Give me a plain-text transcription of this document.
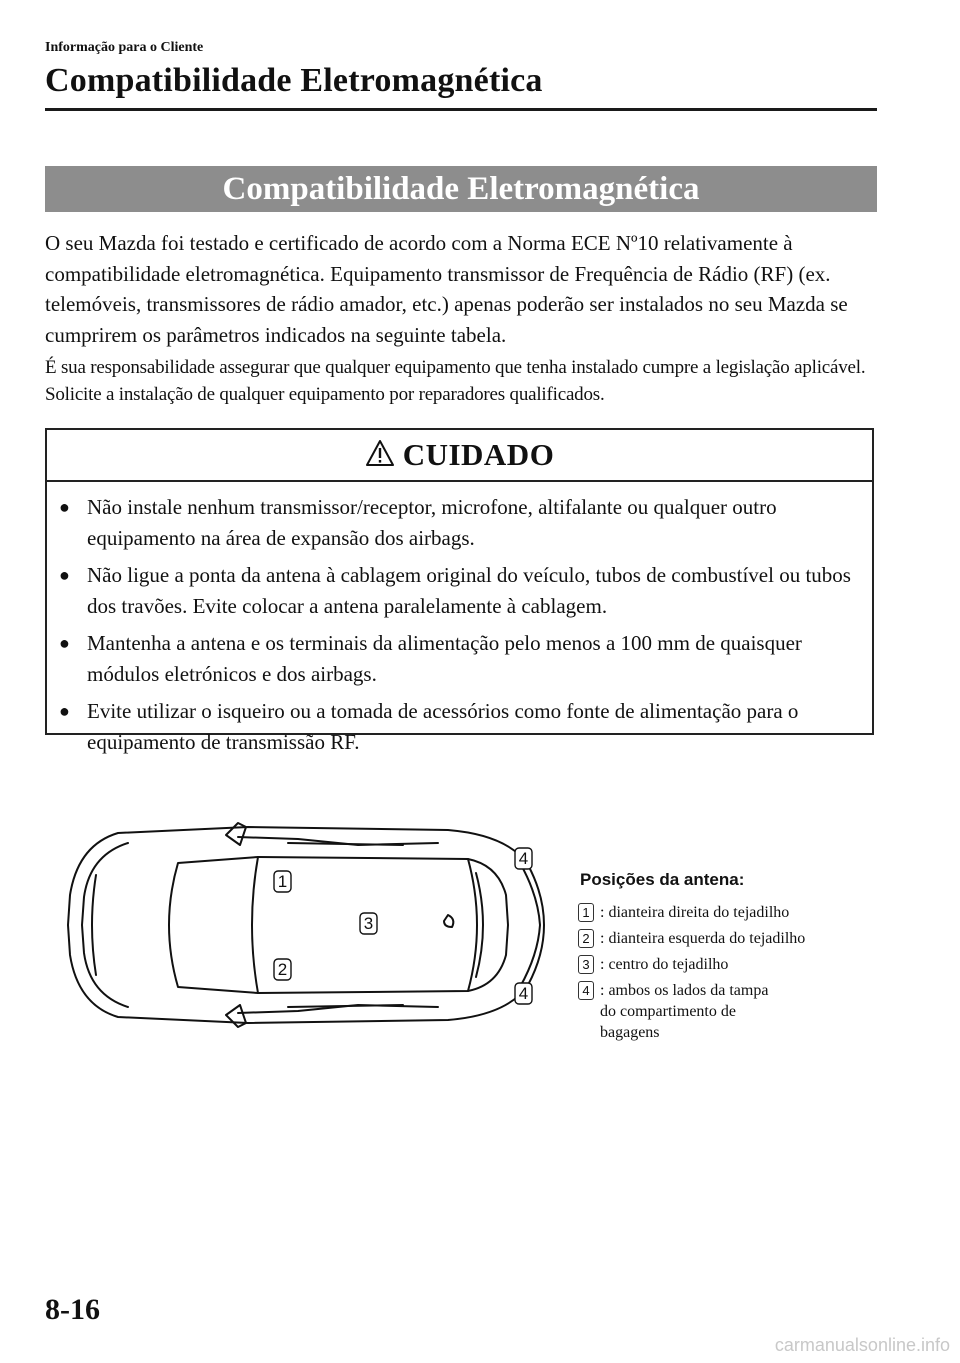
Informação para o Cliente
Compatibilidade Eletromagnética
Compatibilidade Eletromagnética
O seu Mazda foi testado e certificado de acordo com a Norma ECE Nº10 relativamente à compatibilidade eletromagnética. Equipamento transmissor de Frequência de Rádio (RF) (ex. telemóveis, transmissores de rádio amador, etc.) apenas poderão ser instalados no seu Mazda se cumprirem os parâmetros indicados na seguinte tabela.
É sua responsabilidade assegurar que qualquer equipamento que tenha instalado cumpre a legislação aplicável. Solicite a instalação de qualquer equipamento por reparadores qualificados.
CUIDADO
● Não instale nenhum transmissor/receptor, microfone, altifalante ou qualquer outro equipamento na área de expansão dos airbags.
● Não ligue a ponta da antena à cablagem original do veículo, tubos de combustível ou tubos dos travões. Evite colocar a antena paralelamente à cablagem.
● Mantenha a antena e os terminais da alimentação pelo menos a 100 mm de quaisquer módulos eletrónicos e dos airbags.
● Evite utilizar o isqueiro ou a tomada de acessórios como fonte de alimentação para o equipamento de transmissão RF.
1
2
3
4
4
Posições da antena:
1 : dianteira direita do tejadilho
2 : dianteira esquerda do tejadilho
3 : centro do tejadilho
4 : ambos os lados da tampa
do compartimento de
bagagens
8-16
carmanualsonline.info
